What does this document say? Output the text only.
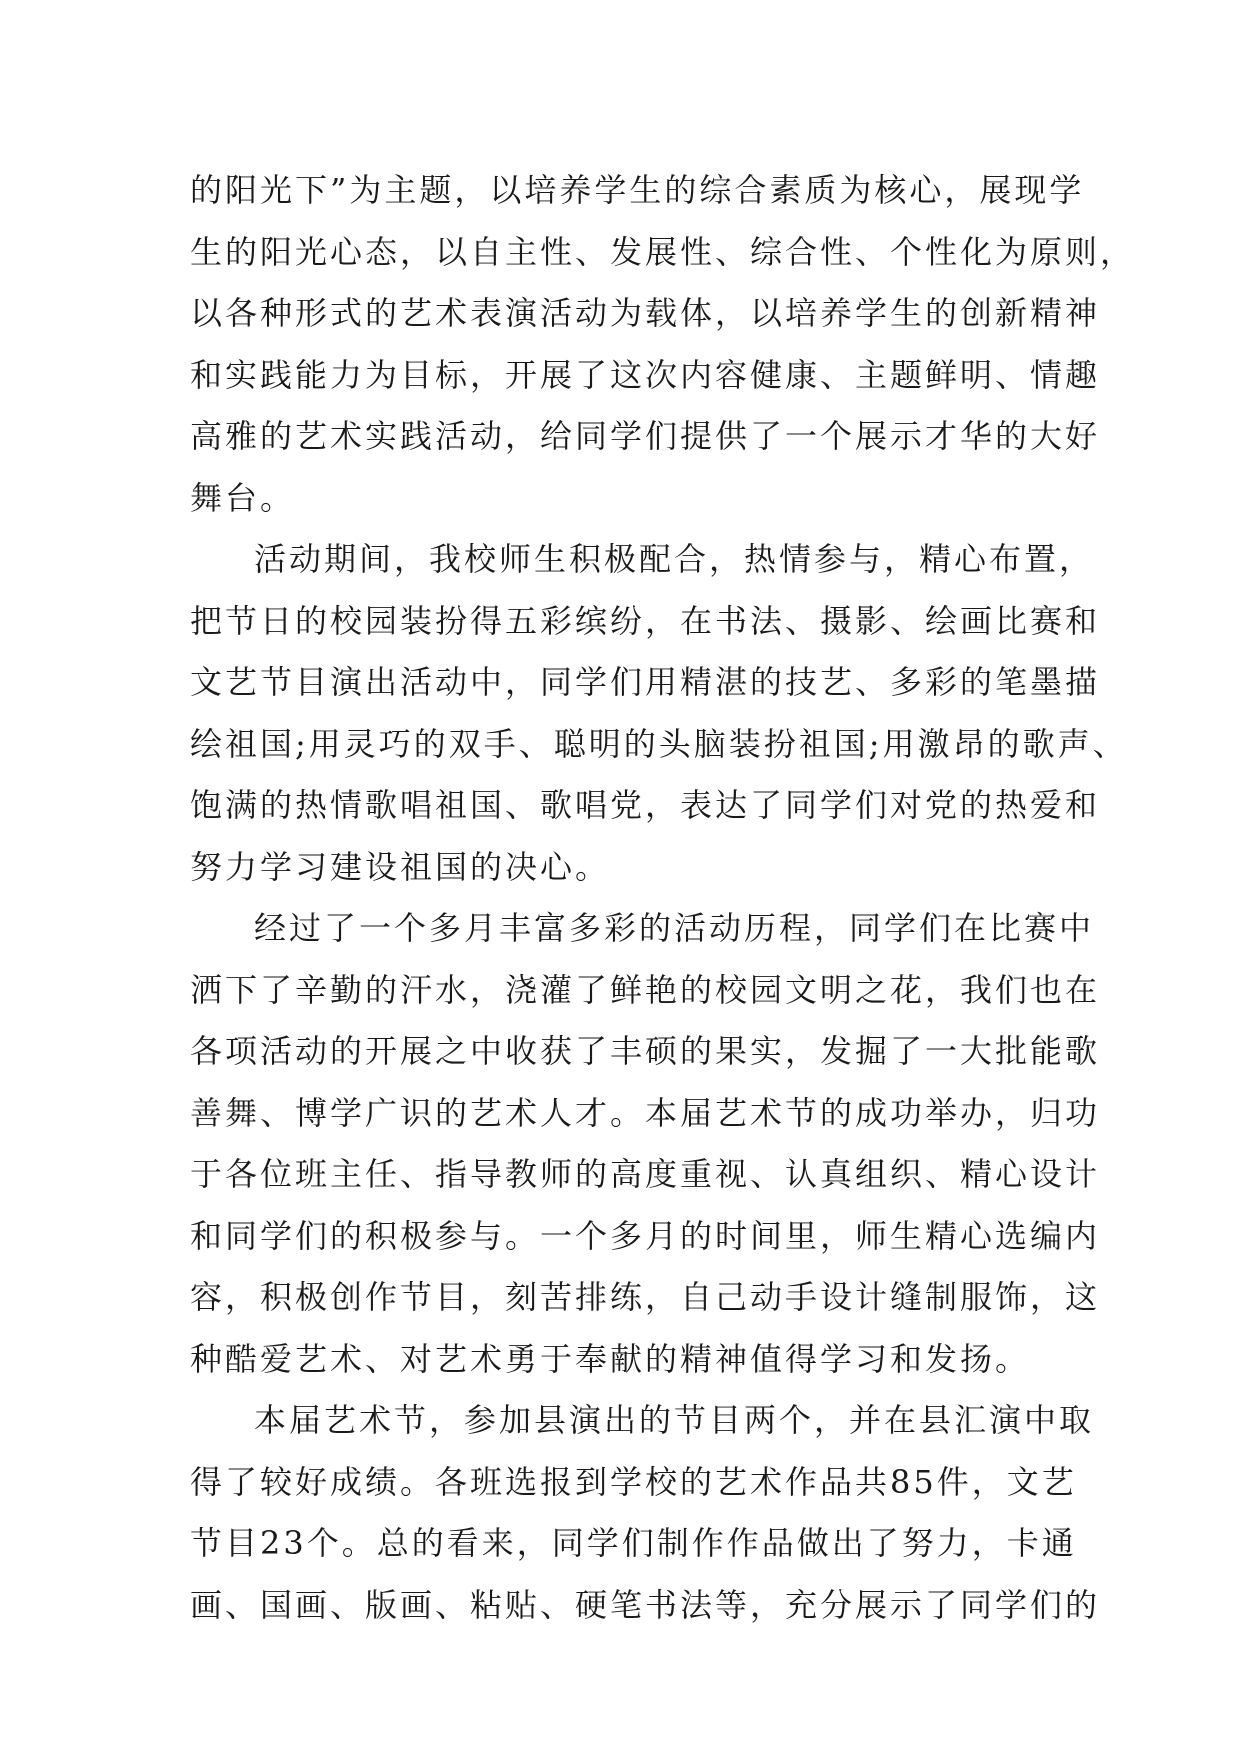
的阳光下”为主题，以培养学生的综合素质为核心，展现学
生的阳光心态，以自主性、发展性、综合性、个性化为原则，
以各种形式的艺术表演活动为载体，以培养学生的创新精神
和实践能力为目标，开展了这次内容健康、主题鲜明、情趣
高雅的艺术实践活动，给同学们提供了一个展示才华的大好
舞台。
活动期间，我校师生积极配合，热情参与，精心布置，
把节日的校园装扮得五彩缤纷，在书法、摄影、绘画比赛和
文艺节目演出活动中，同学们用精湛的技艺、多彩的笔墨描
绘祖国;用灵巧的双手、聪明的头脑装扮祖国;用激昂的歌声、
饱满的热情歌唱祖国、歌唱党，表达了同学们对党的热爱和
努力学习建设祖国的决心。
经过了一个多月丰富多彩的活动历程，同学们在比赛中
洒下了辛勤的汗水，浇灌了鲜艳的校园文明之花，我们也在
各项活动的开展之中收获了丰硕的果实，发掘了一大批能歌
善舞、博学广识的艺术人才。本届艺术节的成功举办，归功
于各位班主任、指导教师的高度重视、认真组织、精心设计
和同学们的积极参与。一个多月的时间里，师生精心选编内
容，积极创作节目，刻苦排练，自己动手设计缝制服饰，这
种酷爱艺术、对艺术勇于奉献的精神值得学习和发扬。
本届艺术节，参加县演出的节目两个，并在县汇演中取
得了较好成绩。各班选报到学校的艺术作品共85件，文艺
节目23个。总的看来，同学们制作作品做出了努力，卡通
画、国画、版画、粘贴、硬笔书法等，充分展示了同学们的
